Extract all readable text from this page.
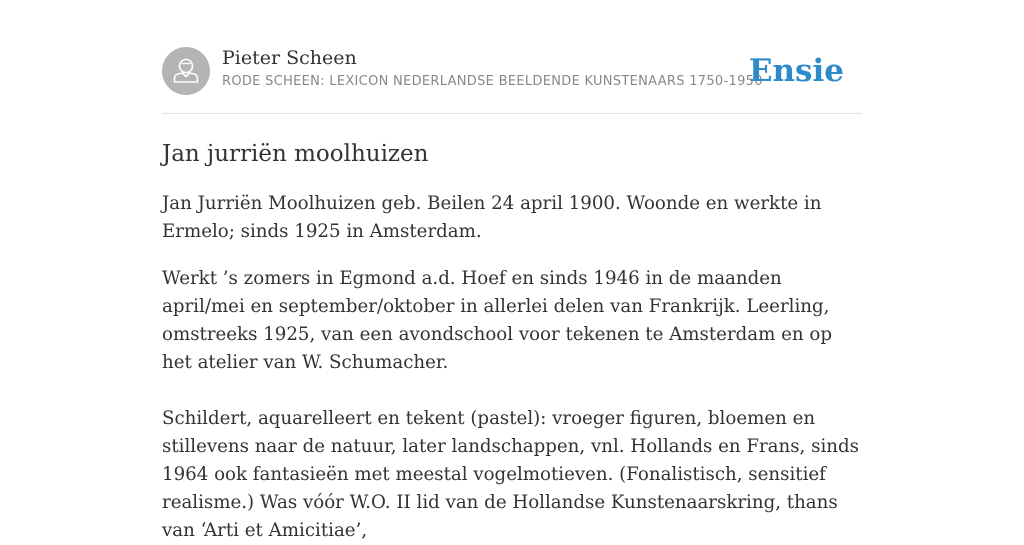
Pieter Scheen
RODE SCHEEN: LEXICON NEDERLANDSE BEELDENDE KUNSTENAARS 1750-1950
Ensie
Jan jurriën moolhuizen

Jan Jurriën Moolhuizen geb. Beilen 24 april 1900. Woonde en werkte in Ermelo; sinds 1925 in Amsterdam.

Werkt ’s zomers in Egmond a.d. Hoef en sinds 1946 in de maanden april/mei en september/oktober in allerlei delen van Frankrijk. Leerling, omstreeks 1925, van een avondschool voor tekenen te Amsterdam en op het atelier van W. Schumacher.

Schildert, aquarelleert en tekent (pastel): vroeger figuren, bloemen en stillevens naar de natuur, later landschappen, vnl. Hollands en Frans, sinds 1964 ook fantasieën met meestal vogelmotieven. (Fonalistisch, sensitief realisme.) Was vóór W.O. II lid van de Hollandse Kunstenaarskring, thans van ‘Arti et Amicitiae’,
